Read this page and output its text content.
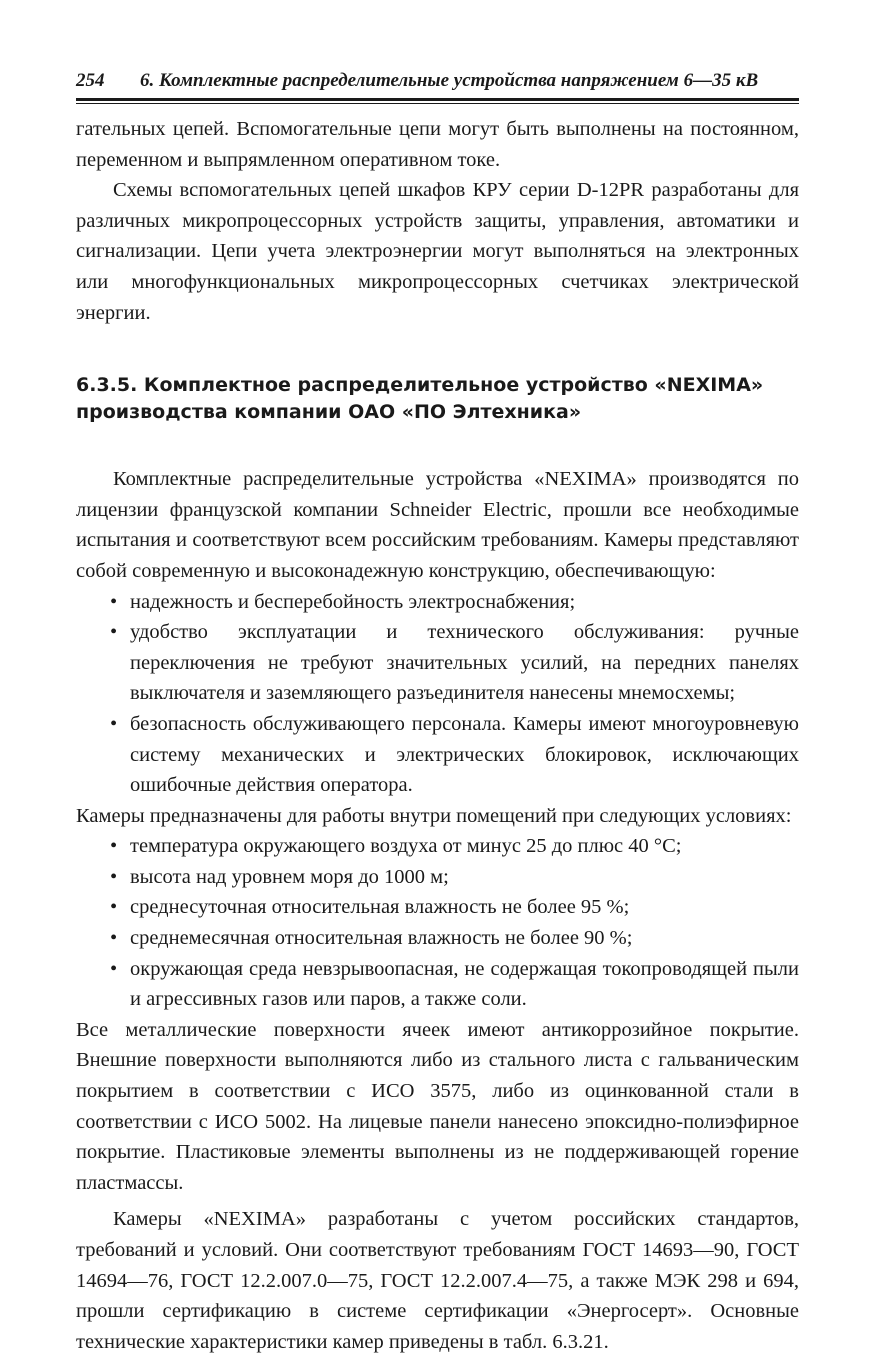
254	6. Комплектные распределительные устройства напряжением 6—35 кВ

гательных цепей. Вспомогательные цепи могут быть выполнены на постоянном, переменном и выпрямленном оперативном токе.

Схемы вспомогательных цепей шкафов КРУ серии D-12PR разработаны для различных микропроцессорных устройств защиты, управления, автоматики и сигнализации. Цепи учета электроэнергии могут выполняться на электронных или многофункциональных микропроцессорных счетчиках электрической энергии.

6.3.5. Комплектное распределительное устройство «NEXIMA»
производства компании ОАО «ПО Элтехника»

Комплектные распределительные устройства «NEXIMA» производятся по лицензии французской компании Schneider Electric, прошли все необходимые испытания и соответствуют всем российским требованиям. Камеры представляют собой современную и высоконадежную конструкцию, обеспечивающую:

• надежность и бесперебойность электроснабжения;
• удобство эксплуатации и технического обслуживания: ручные переключения не требуют значительных усилий, на передних панелях выключателя и заземляющего разъединителя нанесены мнемосхемы;
• безопасность обслуживающего персонала. Камеры имеют многоуровневую систему механических и электрических блокировок, исключающих ошибочные действия оператора.

Камеры предназначены для работы внутри помещений при следующих условиях:

• температура окружающего воздуха от минус 25 до плюс 40 °С;
• высота над уровнем моря до 1000 м;
• среднесуточная относительная влажность не более 95 %;
• среднемесячная относительная влажность не более 90 %;
• окружающая среда невзрывоопасная, не содержащая токопроводящей пыли и агрессивных газов или паров, а также соли.

Все металлические поверхности ячеек имеют антикоррозийное покрытие. Внешние поверхности выполняются либо из стального листа с гальваническим покрытием в соответствии с ИСО 3575, либо из оцинкованной стали в соответствии с ИСО 5002. На лицевые панели нанесено эпоксидно-полиэфирное покрытие. Пластиковые элементы выполнены из не поддерживающей горение пластмассы.

Камеры «NEXIMA» разработаны с учетом российских стандартов, требований и условий. Они соответствуют требованиям ГОСТ 14693—90, ГОСТ 14694—76, ГОСТ 12.2.007.0—75, ГОСТ 12.2.007.4—75, а также МЭК 298 и 694, прошли сертификацию в системе сертификации «Энергосерт». Основные технические характеристики камер приведены в табл. 6.3.21.
